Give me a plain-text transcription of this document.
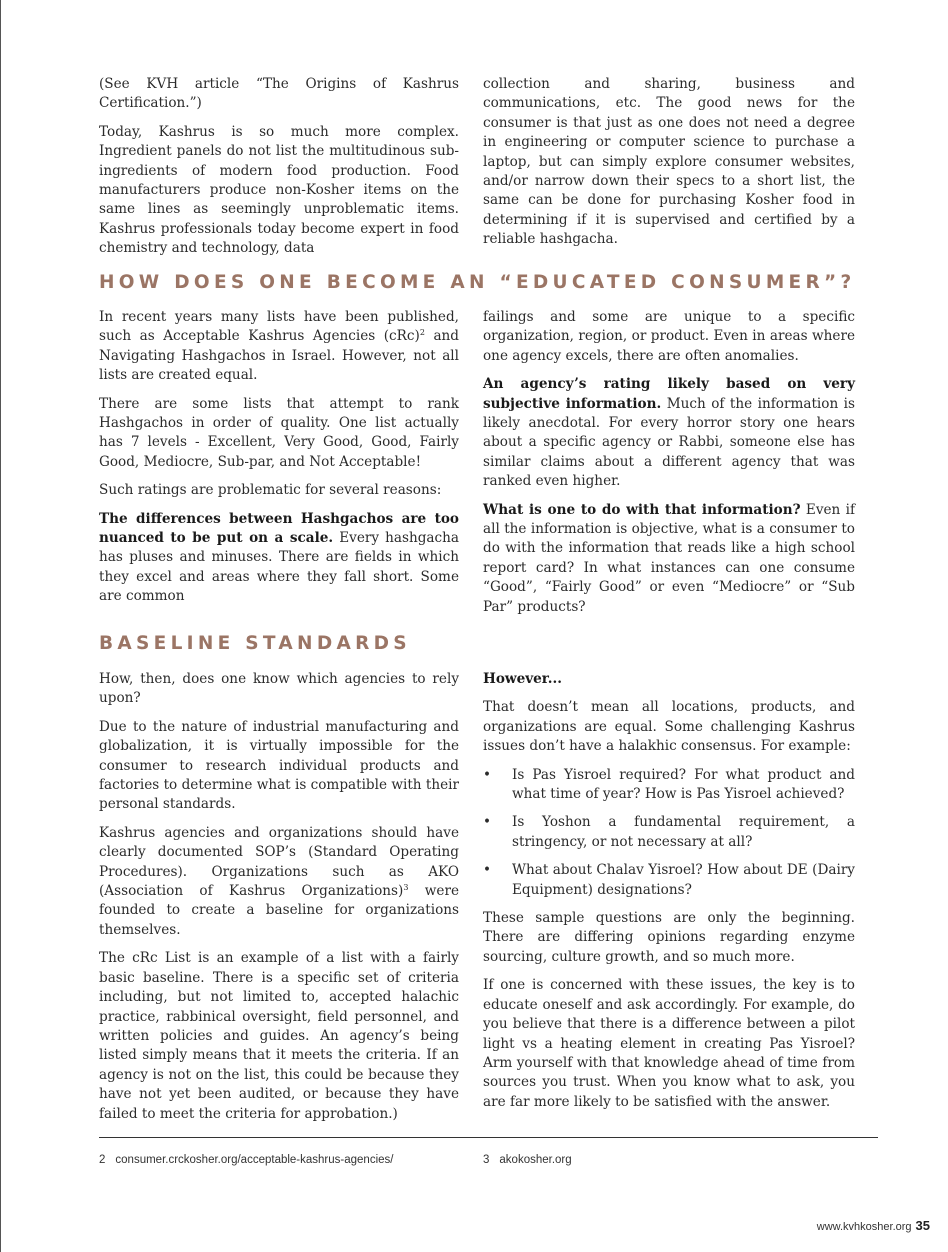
(See KVH article “The Origins of Kashrus Certification.”)

Today, Kashrus is so much more complex. Ingredient panels do not list the multitudinous sub-ingredients of modern food production. Food manufacturers produce non-Kosher items on the same lines as seemingly unproblematic items. Kashrus professionals today become expert in food chemistry and technology, data

collection and sharing, business and communications, etc. The good news for the consumer is that just as one does not need a degree in engineering or computer science to purchase a laptop, but can simply explore consumer websites, and/or narrow down their specs to a short list, the same can be done for purchasing Kosher food in determining if it is supervised and certified by a reliable hashgacha.

HOW DOES ONE BECOME AN “EDUCATED CONSUMER”?

In recent years many lists have been published, such as Acceptable Kashrus Agencies (cRc)$^2$ and Navigating Hashgachos in Israel. However, not all lists are created equal.

There are some lists that attempt to rank Hashgachos in order of quality. One list actually has 7 levels - Excellent, Very Good, Good, Fairly Good, Mediocre, Sub-par, and Not Acceptable!

Such ratings are problematic for several reasons:

The differences between Hashgachos are too nuanced to be put on a scale. Every hashgacha has pluses and minuses. There are fields in which they excel and areas where they fall short. Some are common

failings and some are unique to a specific organization, region, or product. Even in areas where one agency excels, there are often anomalies.

An agency’s rating likely based on very subjective information. Much of the information is likely anecdotal. For every horror story one hears about a specific agency or Rabbi, someone else has similar claims about a different agency that was ranked even higher.

What is one to do with that information? Even if all the information is objective, what is a consumer to do with the information that reads like a high school report card? In what instances can one consume “Good”, “Fairly Good” or even “Mediocre” or “Sub Par” products?

BASELINE STANDARDS

How, then, does one know which agencies to rely upon?

Due to the nature of industrial manufacturing and globalization, it is virtually impossible for the consumer to research individual products and factories to determine what is compatible with their personal standards.

Kashrus agencies and organizations should have clearly documented SOP’s (Standard Operating Procedures). Organizations such as AKO (Association of Kashrus Organizations)$^3$ were founded to create a baseline for organizations themselves.

The cRc List is an example of a list with a fairly basic baseline. There is a specific set of criteria including, but not limited to, accepted halachic practice, rabbinical oversight, field personnel, and written policies and guides. An agency’s being listed simply means that it meets the criteria. If an agency is not on the list, this could be because they have not yet been audited, or because they have failed to meet the criteria for approbation.)

However...

That doesn’t mean all locations, products, and organizations are equal. Some challenging Kashrus issues don’t have a halakhic consensus. For example:

• Is Pas Yisroel required? For what product and what time of year? How is Pas Yisroel achieved?
• Is Yoshon a fundamental requirement, a stringency, or not necessary at all?
• What about Chalav Yisroel? How about DE (Dairy Equipment) designations?

These sample questions are only the beginning. There are differing opinions regarding enzyme sourcing, culture growth, and so much more.

If one is concerned with these issues, the key is to educate oneself and ask accordingly. For example, do you believe that there is a difference between a pilot light vs a heating element in creating Pas Yisroel? Arm yourself with that knowledge ahead of time from sources you trust. When you know what to ask, you are far more likely to be satisfied with the answer.

2 consumer.crckosher.org/acceptable-kashrus-agencies/	3 akokosher.org
www.kvhkosher.org 35
